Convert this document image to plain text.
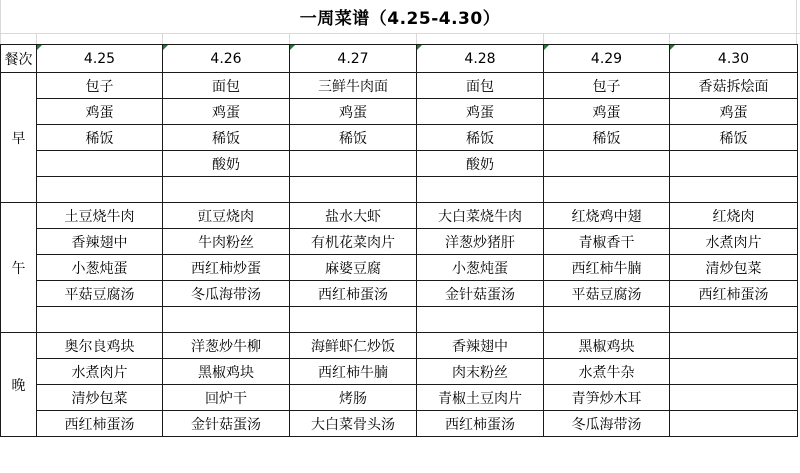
一周菜谱（4.25-4.30）
餐次	4.25	4.26	4.27	4.28	4.29	4.30
早	包子	面包	三鲜牛肉面	面包	包子	香菇拆烩面
	鸡蛋	鸡蛋	鸡蛋	鸡蛋	鸡蛋	鸡蛋
	稀饭	稀饭	稀饭	稀饭	稀饭	稀饭
		酸奶		酸奶		

午	土豆烧牛肉	豇豆烧肉	盐水大虾	大白菜烧牛肉	红烧鸡中翅	红烧肉
	香辣翅中	牛肉粉丝	有机花菜肉片	洋葱炒猪肝	青椒香干	水煮肉片
	小葱炖蛋	西红柿炒蛋	麻婆豆腐	小葱炖蛋	西红柿牛腩	清炒包菜
	平菇豆腐汤	冬瓜海带汤	西红柿蛋汤	金针菇蛋汤	平菇豆腐汤	西红柿蛋汤

晚	奥尔良鸡块	洋葱炒牛柳	海鲜虾仁炒饭	香辣翅中	黑椒鸡块	
	水煮肉片	黑椒鸡块	西红柿牛腩	肉末粉丝	水煮牛杂	
	清炒包菜	回炉干	烤肠	青椒土豆肉片	青笋炒木耳	
	西红柿蛋汤	金针菇蛋汤	大白菜骨头汤	西红柿蛋汤	冬瓜海带汤	
